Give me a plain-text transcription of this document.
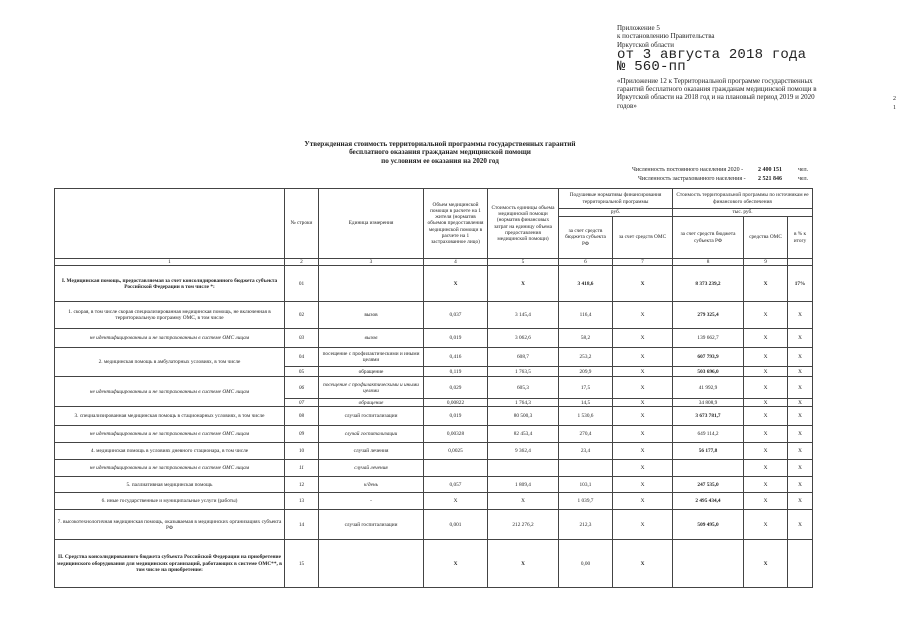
Приложение 5
к постановлению Правительства
Иркутской области
от 3 августа 2018 года
№ 560-пп
«Приложение 12 к Территориальной программе государственных гарантий бесплатного оказания гражданам медицинской помощи в Иркутской области на 2018 год и на плановый период 2019 и 2020 годов»
2
1
Утвержденная стоимость территориальной программы государственных гарантий
бесплатного оказания гражданам медицинской помощи
по условиям ее оказания на 2020 год
Численность постоянного населения 2020 - 2 400 151	чел.
Численность застрахованного населения - 2 521 846	чел.
	№ строки	Единица измерения	Объем медицинской помощи в расчете на 1 жителя (норматив объемов предоставления медицинской помощи в расчете на 1 застрахованное лицо)	Стоимость единицы объема медицинской помощи (норматив финансовых затрат на единицу объема предоставления медицинской помощи)	Подушевые нормативы финансирования территориальной программы		Стоимость территориальной программы по источникам ее финансового обеспечения		
					руб.		тыс. руб.		
					за счет средств бюджета субъекта РФ	за счет средств ОМС	за счет средств бюджета субъекта РФ	средства ОМС	в % к итогу
1	2	3	4	5	6	7	8	9	
I. Медицинская помощь, предоставляемая за счет консолидированного бюджета субъекта Российской Федерации в том числе *:	01		X	X	3 418,6	X	8 373 239,2	X	17%
1. скорая, в том числе скорая специализированная медицинская помощь, не включенная в территориальную программу ОМС, в том числе	02	вызов	0,037	3 145,4	116,4	X	279 325,4	X	X
не идентифицированным и не застрахованным в системе ОМС лицам	03	вызов	0,019	3 062,6	58,2	X	139 662,7	X	X
2. медицинская помощь в амбулаторных условиях, в том числе	04	посещение с профилактическими и иными целями	0,416	608,7	253,2	X	607 793,9	X	X
	05	обращение	0,119	1 763,5	209,9	X	503 696,0	X	X
не идентифицированным и не застрахованным в системе ОМС лицам	06	посещение с профилактическими и иными целями	0,029	605,3	17,5	X	41 992,9	X	X
	07	обращение	0,00822	1 764,3	14,5	X	34 808,9	X	X
3. специализированная медицинская помощь в стационарных условиях, в том числе	08	случай госпитализации	0,019	80 500,3	1 530,6	X	3 673 781,7	X	X
не идентифицированным и не застрахованным в системе ОМС лицам	09	случай госпитализации	0,00328	82 453,4	270,4	X	649 114,2	X	X
4. медицинская помощь в условиях дневного стационара, в том числе	10	случай лечения	0,0025	9 362,4	23,4	X	56 177,8	X	X
не идентифицированным и не застрахованным в системе ОМС лицам	11	случай лечения				X		X	X
5. паллиативная медицинская помощь	12	к/день	0,057	1 809,4	103,1	X	247 535,0	X	X
6. иные государственные и муниципальные услуги (работы)	13	-	X	X	1 039,7	X	2 495 434,4	X	X
7. высокотехнологичная медицинская помощь, оказываемая в медицинских организациях субъекта РФ	14	случай госпитализации	0,001	212 276,2	212,3	X	509 495,0	X	X
II. Средства консолидированного бюджета субъекта Российской Федерации на приобретение медицинского оборудования для медицинских организаций, работающих в системе ОМС**, в том числе на приобретение:	15		X	X	0,00	X		X	
